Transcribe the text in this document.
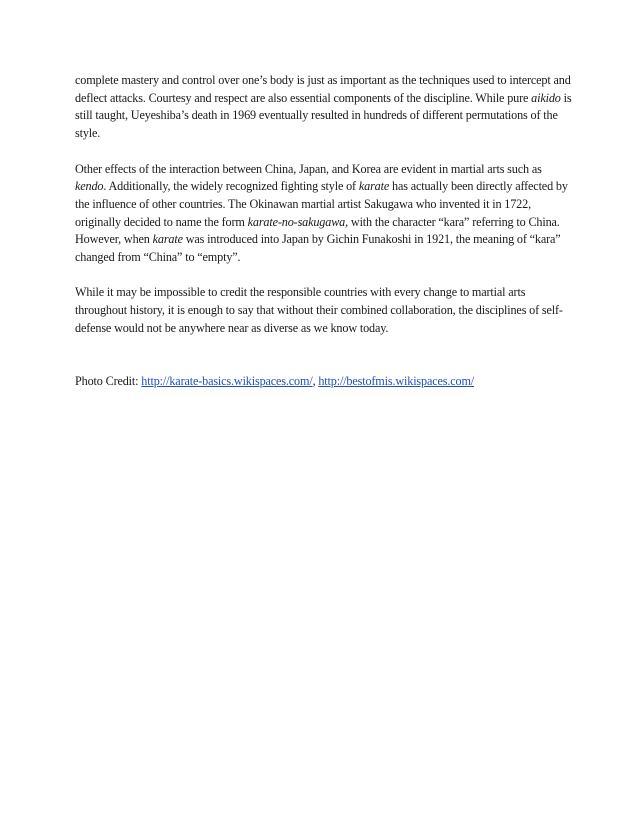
complete mastery and control over one’s body is just as important as the techniques used to intercept and deflect attacks. Courtesy and respect are also essential components of the discipline. While pure aikido is still taught, Ueyeshiba’s death in 1969 eventually resulted in hundreds of different permutations of the style.

Other effects of the interaction between China, Japan, and Korea are evident in martial arts such as kendo. Additionally, the widely recognized fighting style of karate has actually been directly affected by the influence of other countries. The Okinawan martial artist Sakugawa who invented it in 1722, originally decided to name the form karate-no-sakugawa, with the character “kara” referring to China. However, when karate was introduced into Japan by Gichin Funakoshi in 1921, the meaning of “kara” changed from “China” to “empty”.

While it may be impossible to credit the responsible countries with every change to martial arts throughout history, it is enough to say that without their combined collaboration, the disciplines of self-defense would not be anywhere near as diverse as we know today.

Photo Credit: http://karate-basics.wikispaces.com/, http://bestofmis.wikispaces.com/
